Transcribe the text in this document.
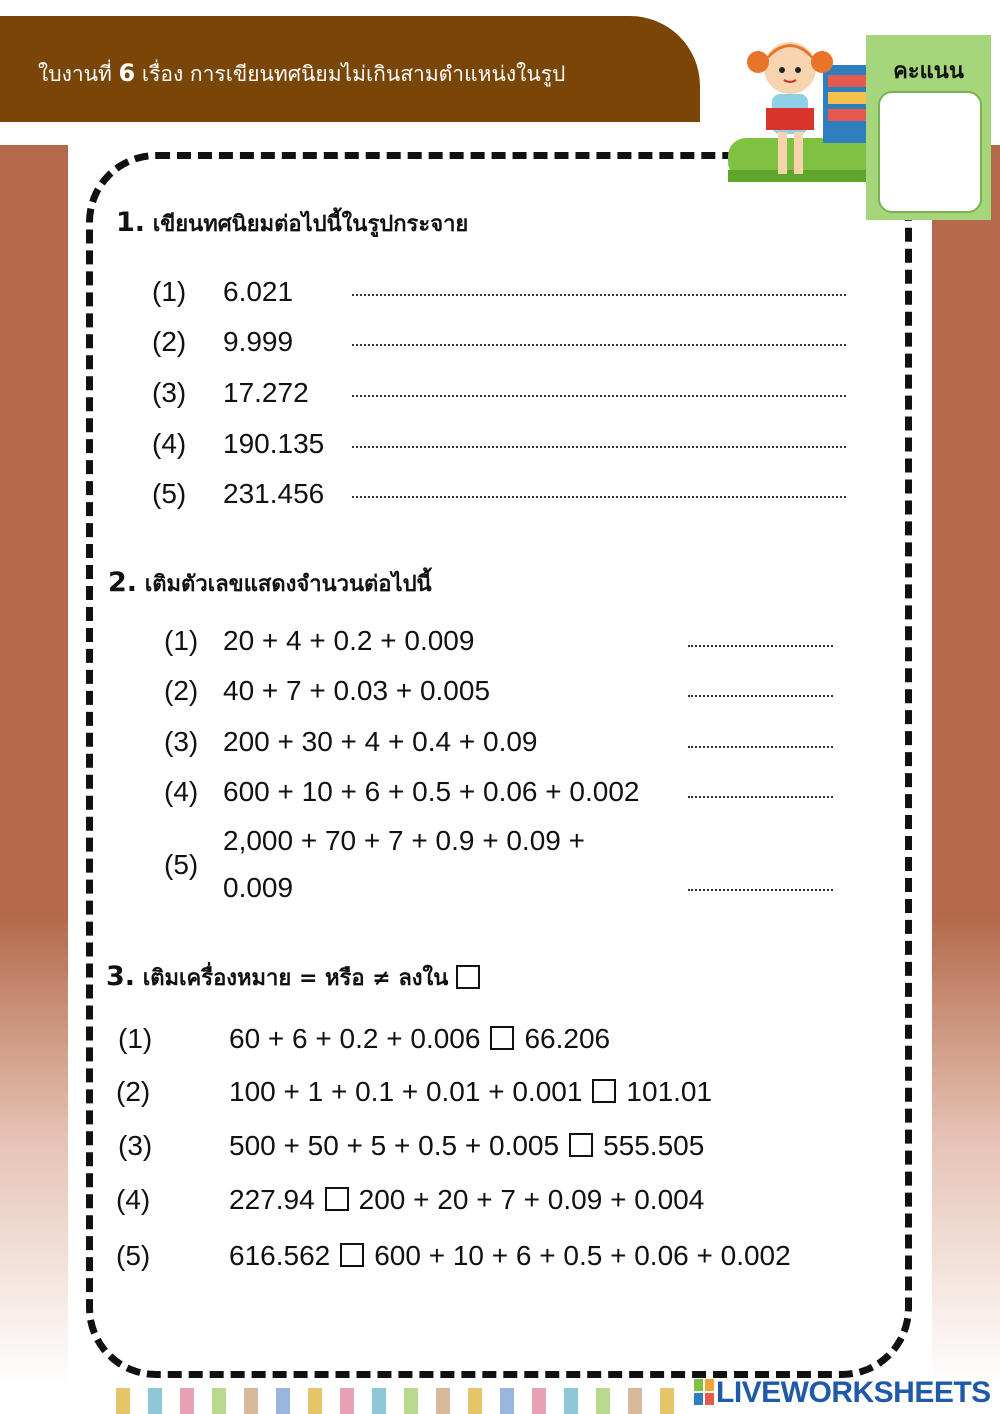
ใบงานที่ 6 เรื่อง การเขียนทศนิยมไม่เกินสามตำแหน่งในรูป	คะแนน
1. เขียนทศนิยมต่อไปนี้ในรูปกระจาย
(1) 6.021
(2) 9.999
(3) 17.272
(4) 190.135
(5) 231.456
2. เติมตัวเลขแสดงจำนวนต่อไปนี้
(1) 20 + 4 + 0.2 + 0.009
(2) 40 + 7 + 0.03 + 0.005
(3) 200 + 30 + 4 + 0.4 + 0.09
(4) 600 + 10 + 6 + 0.5 + 0.06 + 0.002
(5)
2,000 + 70 + 7 + 0.9 + 0.09 +
0.009
3. เติมเครื่องหมาย = หรือ ≠ ลงใน
(1)	60 + 6 + 0.2 + 0.006 66.206
(2)	100 + 1 + 0.1 + 0.01 + 0.001 101.01
(3)	500 + 50 + 5 + 0.5 + 0.005 555.505
(4)	227.94 200 + 20 + 7 + 0.09 + 0.004
(5)	616.562 600 + 10 + 6 + 0.5 + 0.06 + 0.002
LIVEWORKSHEETS
